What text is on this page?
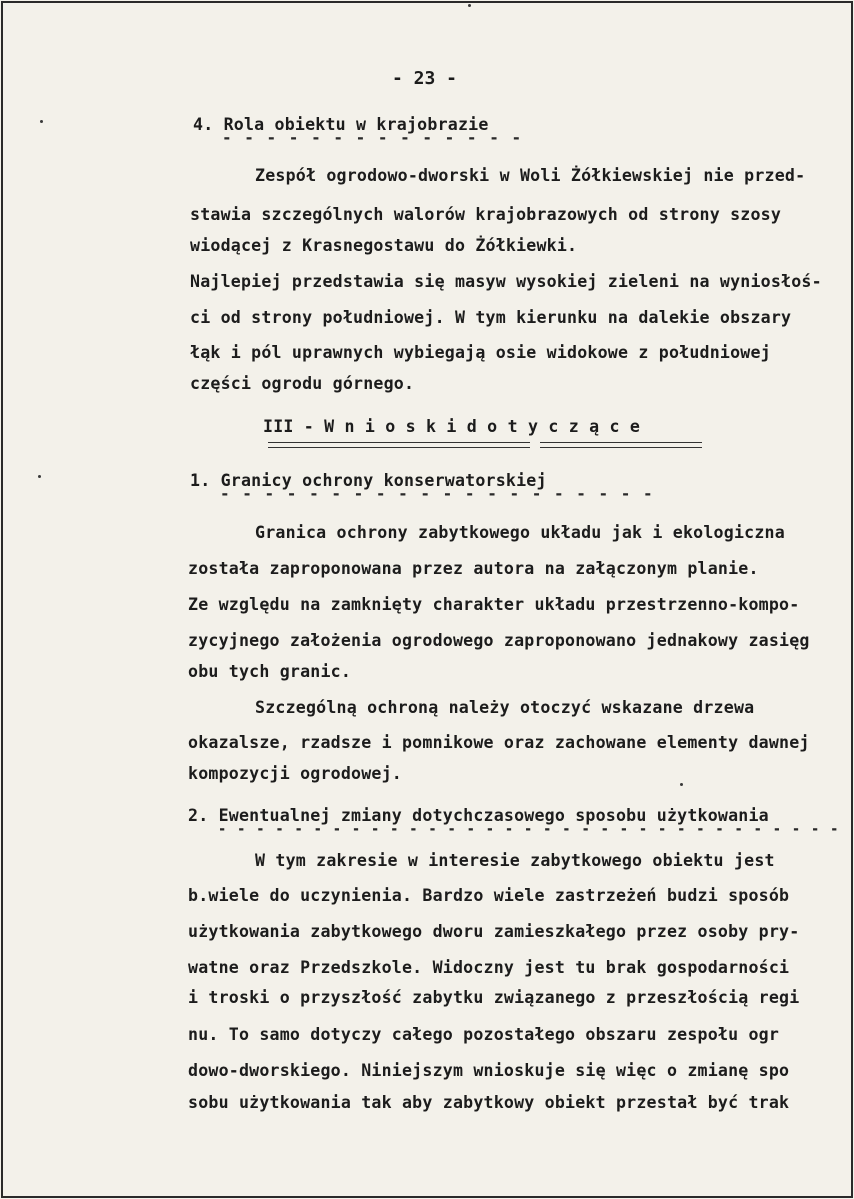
- 23 -
4. Rola obiektu w krajobrazie
- - - - - - - - - - - - - -
Zespół ogrodowo-dworski w Woli Żółkiewskiej nie przed-
stawia szczególnych walorów krajobrazowych od strony szosy
wiodącej z Krasnegostawu do Żółkiewki.
Najlepiej przedstawia się masyw wysokiej zieleni na wyniosłoś-
ci od strony południowej. W tym kierunku na dalekie obszary
łąk i pól uprawnych wybiegają osie widokowe z południowej
części ogrodu górnego.
III - W n i o s k i d o t y c z ą c e
1. Granicy ochrony konserwatorskiej
- - - - - - - - - - - - - - - - - - - -
Granica ochrony zabytkowego układu jak i ekologiczna
została zaproponowana przez autora na załączonym planie.
Ze względu na zamknięty charakter układu przestrzenno-kompo-
zycyjnego założenia ogrodowego zaproponowano jednakowy zasięg
obu tych granic.
Szczególną ochroną należy otoczyć wskazane drzewa
okazalsze, rzadsze i pomnikowe oraz zachowane elementy dawnej
kompozycji ogrodowej.
2. Ewentualnej zmiany dotychczasowego sposobu użytkowania
- - - - - - - - - - - - - - - - - - - - - - - - - - - - - - - - -
W tym zakresie w interesie zabytkowego obiektu jest
b.wiele do uczynienia. Bardzo wiele zastrzeżeń budzi sposób
użytkowania zabytkowego dworu zamieszkałego przez osoby pry-
watne oraz Przedszkole. Widoczny jest tu brak gospodarności
i troski o przyszłość zabytku związanego z przeszłością regi
nu. To samo dotyczy całego pozostałego obszaru zespołu ogr
dowo-dworskiego. Niniejszym wnioskuje się więc o zmianę spo
sobu użytkowania tak aby zabytkowy obiekt przestał być trak
